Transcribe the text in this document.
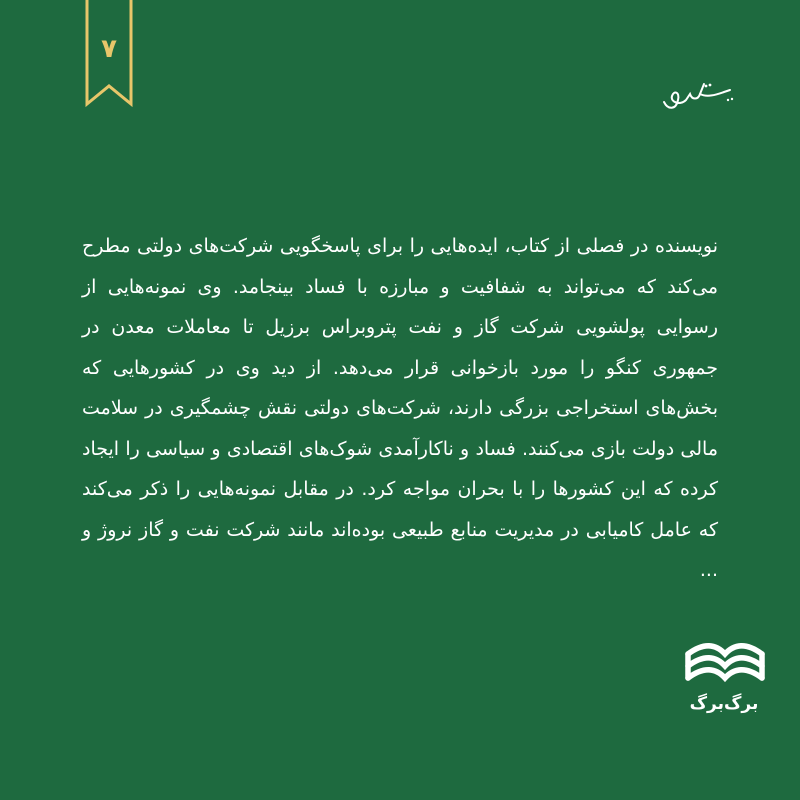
۷

نویسنده در فصلی از کتاب، ایده‌هایی را برای پاسخگویی شرکت‌های دولتی مطرح می‌کند که می‌تواند به شفافیت و مبارزه با فساد بینجامد. وی نمونه‌هایی از رسوایی پولشویی شرکت گاز و نفت پتروبراس برزیل تا معاملات معدن در جمهوری کنگو را مورد بازخوانی قرار می‌دهد. از دید وی در کشورهایی که بخش‌های استخراجی بزرگی دارند، شرکت‌های دولتی نقش چشمگیری در سلامت مالی دولت بازی می‌کنند. فساد و ناکارآمدی شوک‌های اقتصادی و سیاسی را ایجاد کرده که این کشورها را با بحران مواجه کرد. در مقابل نمونه‌هایی را ذکر می‌کند که عامل کامیابی در مدیریت منابع طبیعی بوده‌اند مانند شرکت نفت و گاز نروژ و ...

برگ‌برگ
